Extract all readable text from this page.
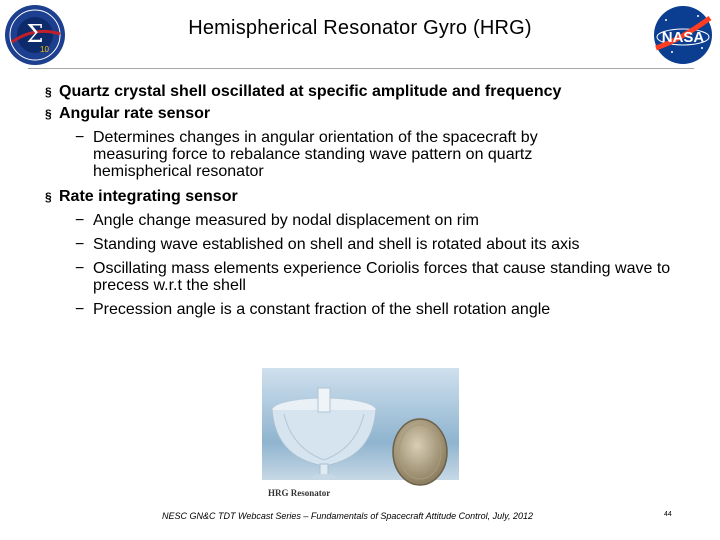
Σ
10
Hemispherical Resonator Gyro (HRG)	NASA
§ Quartz crystal shell oscillated at specific amplitude and frequency
§ Angular rate sensor
− Determines changes in angular orientation of the spacecraft by measuring force to rebalance standing wave pattern on quartz hemispherical resonator
§ Rate integrating sensor
− Angle change measured by nodal displacement on rim
− Standing wave established on shell and shell is rotated about its axis
− Oscillating mass elements experience Coriolis forces that cause standing wave to precess w.r.t the shell
− Precession angle is a constant fraction of the shell rotation angle
HRG Resonator
NESC GN&C TDT Webcast Series – Fundamentals of Spacecraft Attitude Control, July, 2012	44
